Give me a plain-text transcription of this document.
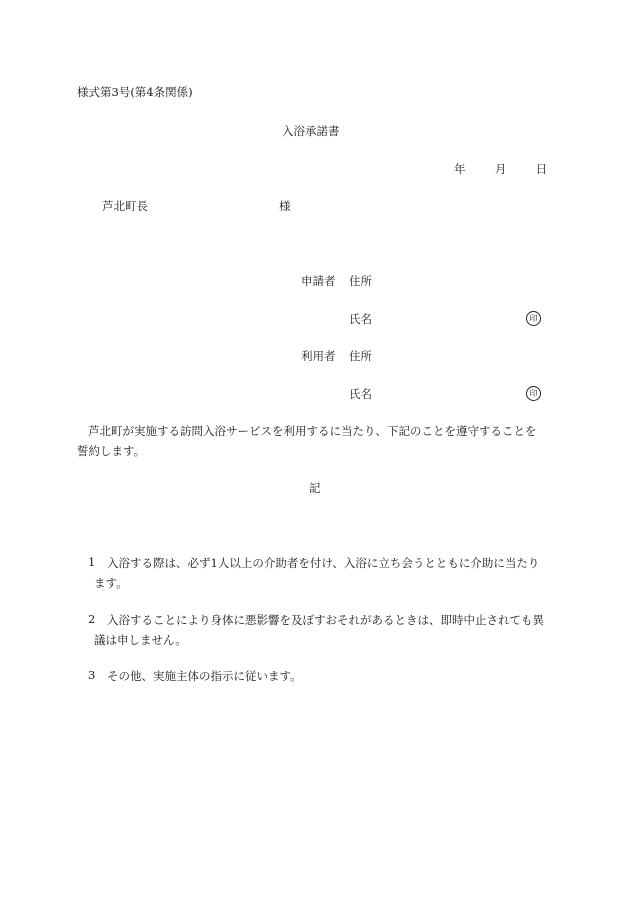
様式第3号(第4条関係)
入浴承諾書
年	月	日
芦北町長	様
申請者 住所
氏名	印
利用者 住所
氏名	印
芦北町が実施する訪問入浴サービスを利用するに当たり、下記のことを遵守することを
誓約します。
記
1 入浴する際は、必ず1人以上の介助者を付け、入浴に立ち会うとともに介助に当たり
ます。
2 入浴することにより身体に悪影響を及ぼすおそれがあるときは、即時中止されても異
議は申しません。
3 その他、実施主体の指示に従います。
